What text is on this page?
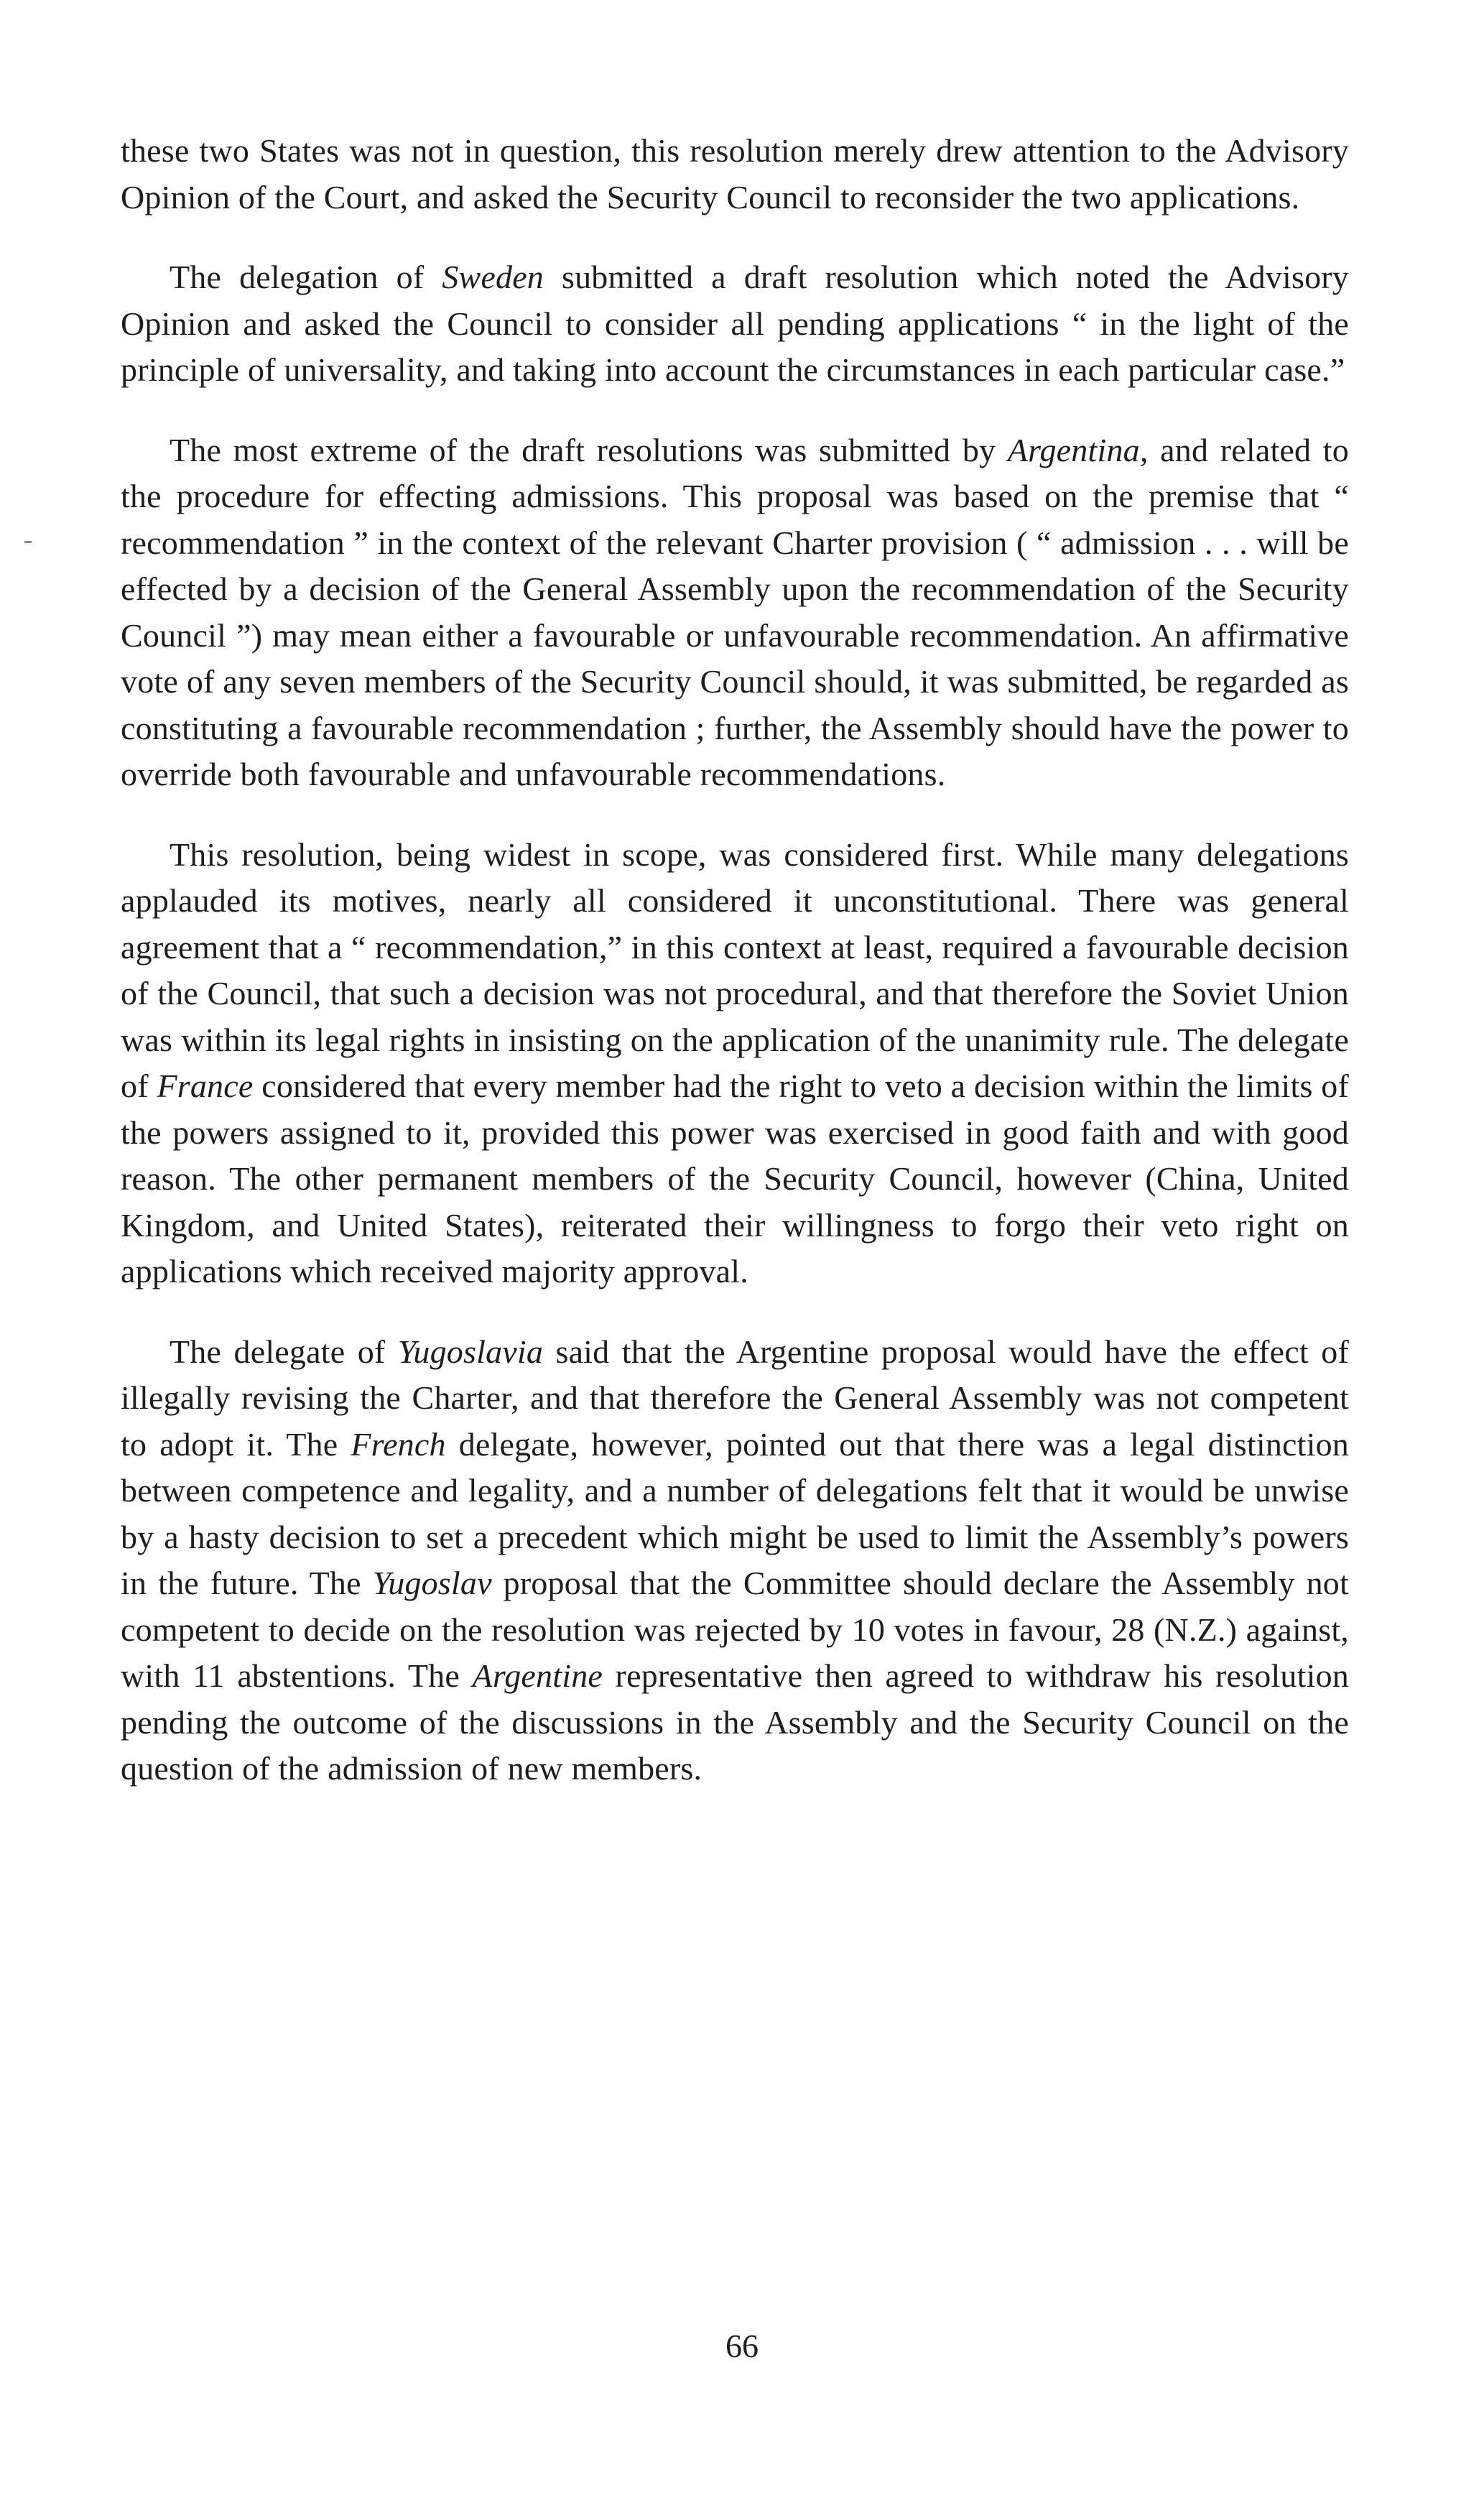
these two States was not in question, this resolution merely drew attention to the Advisory Opinion of the Court, and asked the Security Council to reconsider the two applications.

The delegation of Sweden submitted a draft resolution which noted the Advisory Opinion and asked the Council to consider all pending applications “ in the light of the principle of universality, and taking into account the circumstances in each particular case.”

The most extreme of the draft resolutions was submitted by Argentina, and related to the procedure for effecting admissions. This proposal was based on the premise that “ recommendation ” in the context of the relevant Charter provision ( “ admission . . . will be effected by a decision of the General Assembly upon the recommendation of the Security Council ”) may mean either a favourable or unfavourable recommendation. An affirmative vote of any seven members of the Security Council should, it was submitted, be regarded as constituting a favourable recommendation ; further, the Assembly should have the power to override both favourable and unfavourable recommendations.

This resolution, being widest in scope, was considered first. While many delegations applauded its motives, nearly all considered it unconstitutional. There was general agreement that a “ recommendation,” in this context at least, required a favourable decision of the Council, that such a decision was not procedural, and that therefore the Soviet Union was within its legal rights in insisting on the application of the unanimity rule. The delegate of France considered that every member had the right to veto a decision within the limits of the powers assigned to it, provided this power was exercised in good faith and with good reason. The other permanent members of the Security Council, however (China, United Kingdom, and United States), reiterated their willingness to forgo their veto right on applications which received majority approval.

The delegate of Yugoslavia said that the Argentine proposal would have the effect of illegally revising the Charter, and that therefore the General Assembly was not competent to adopt it. The French delegate, however, pointed out that there was a legal distinction between competence and legality, and a number of delegations felt that it would be unwise by a hasty decision to set a precedent which might be used to limit the Assembly’s powers in the future. The Yugoslav proposal that the Committee should declare the Assembly not competent to decide on the resolution was rejected by 10 votes in favour, 28 (N.Z.) against, with 11 abstentions. The Argentine representative then agreed to withdraw his resolution pending the outcome of the discussions in the Assembly and the Security Council on the question of the admission of new members.

66
